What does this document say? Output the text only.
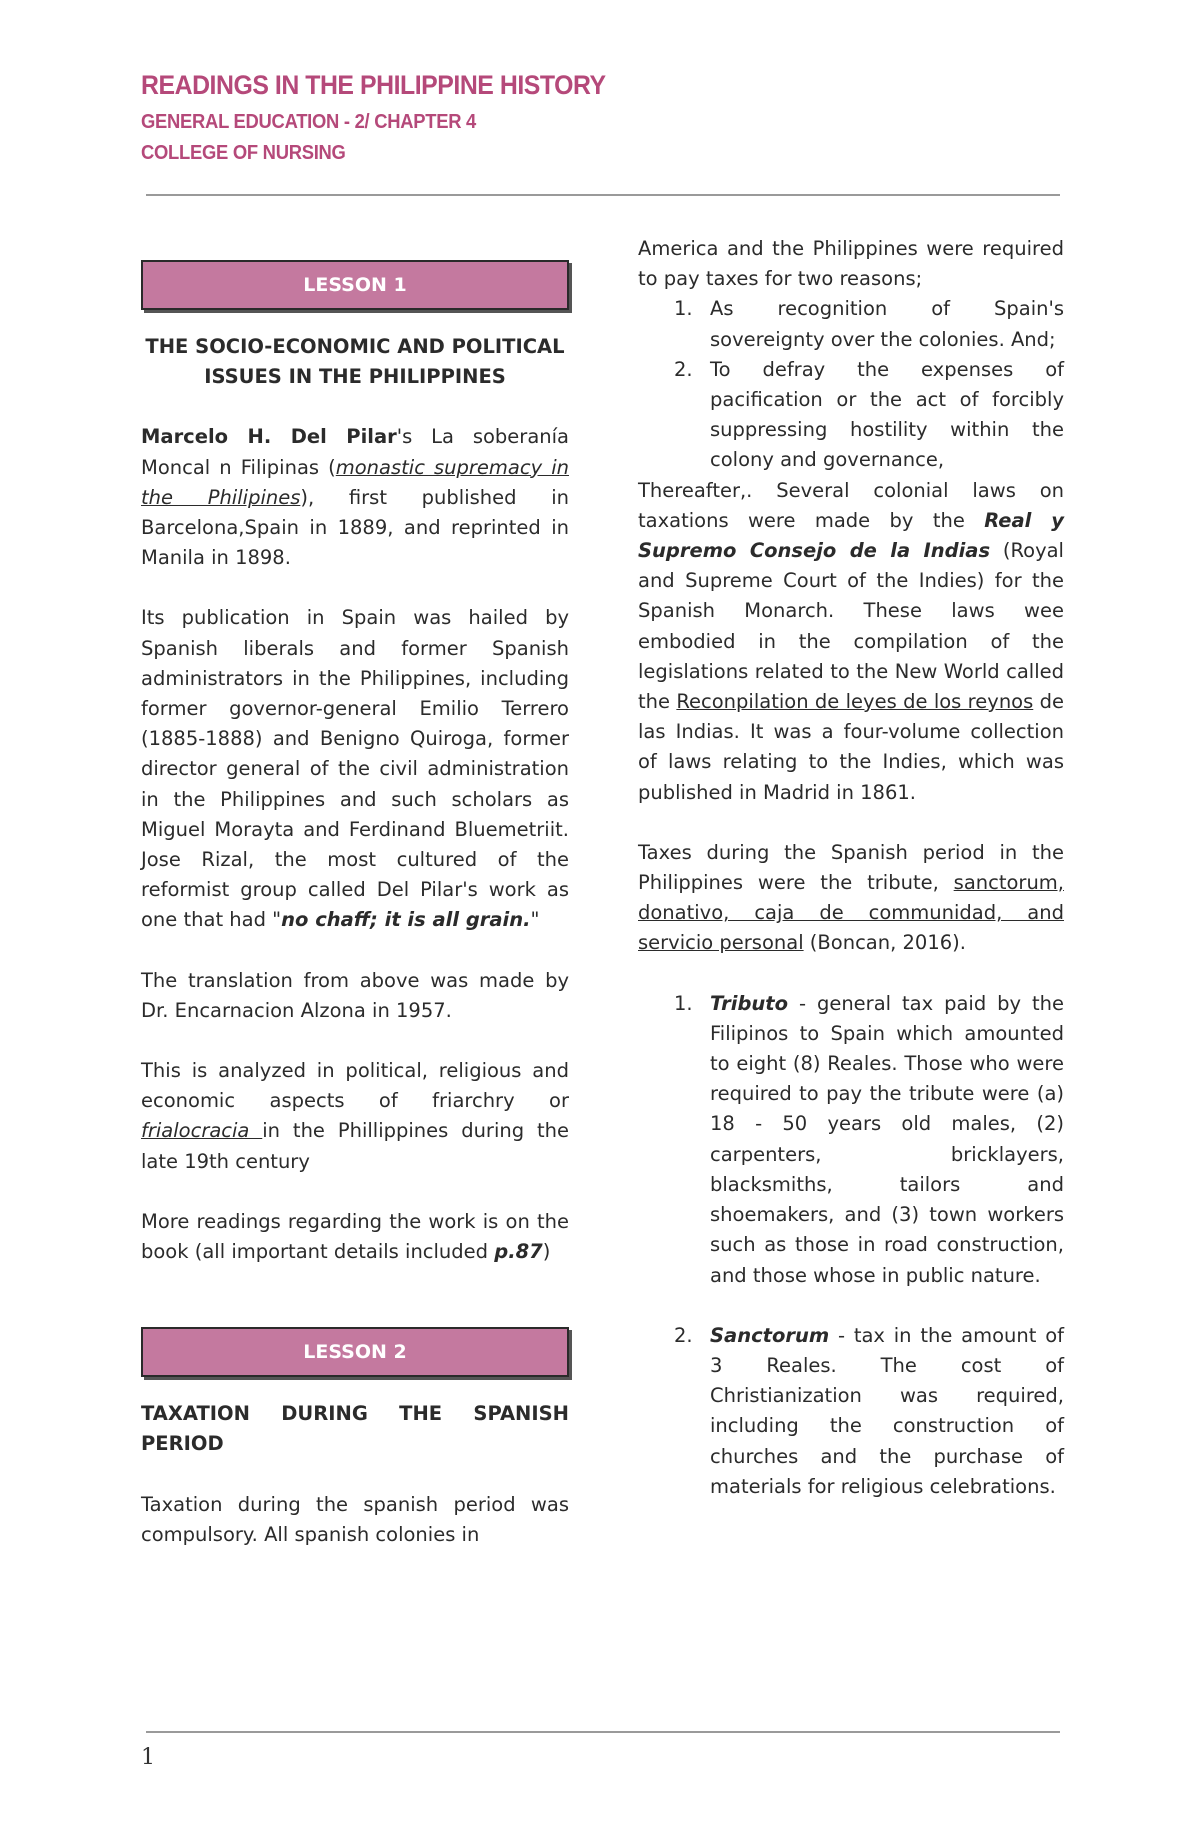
READINGS IN THE PHILIPPINE HISTORY
GENERAL EDUCATION - 2/ CHAPTER 4
COLLEGE OF NURSING
LESSON 1
THE SOCIO-ECONOMIC AND POLITICAL ISSUES IN THE PHILIPPINES

Marcelo H. Del Pilar's La soberanía Moncal n Filipinas (monastic supremacy in the Philipines), first published in Barcelona,Spain in 1889, and reprinted in Manila in 1898.

Its publication in Spain was hailed by Spanish liberals and former Spanish administrators in the Philippines, including former governor-general Emilio Terrero (1885-1888) and Benigno Quiroga, former director general of the civil administration in the Philippines and such scholars as Miguel Morayta and Ferdinand Bluemetriit. Jose Rizal, the most cultured of the reformist group called Del Pilar's work as one that had "no chaff; it is all grain."

The translation from above was made by Dr. Encarnacion Alzona in 1957.

This is analyzed in political, religious and economic aspects of friarchry or frialocracia in the Phillippines during the late 19th century

More readings regarding the work is on the book (all important details included p.87)

LESSON 2
TAXATION DURING THE SPANISH PERIOD

Taxation during the spanish period was compulsory. All spanish colonies in

America and the Philippines were required to pay taxes for two reasons;

1. As recognition of Spain's sovereignty over the colonies. And;
2. To defray the expenses of pacification or the act of forcibly suppressing hostility within the colony and governance,

Thereafter,. Several colonial laws on taxations were made by the Real y Supremo Consejo de la Indias (Royal and Supreme Court of the Indies) for the Spanish Monarch. These laws wee embodied in the compilation of the legislations related to the New World called the Reconpilation de leyes de los reynos de las Indias. It was a four-volume collection of laws relating to the Indies, which was published in Madrid in 1861.

Taxes during the Spanish period in the Philippines were the tribute, sanctorum, donativo, caja de communidad, and servicio personal (Boncan, 2016).

1. Tributo - general tax paid by the Filipinos to Spain which amounted to eight (8) Reales. Those who were required to pay the tribute were (a) 18 - 50 years old males, (2) carpenters, bricklayers, blacksmiths, tailors and shoemakers, and (3) town workers such as those in road construction, and those whose in public nature.
2. Sanctorum - tax in the amount of 3 Reales. The cost of Christianization was required, including the construction of churches and the purchase of materials for religious celebrations.
1
